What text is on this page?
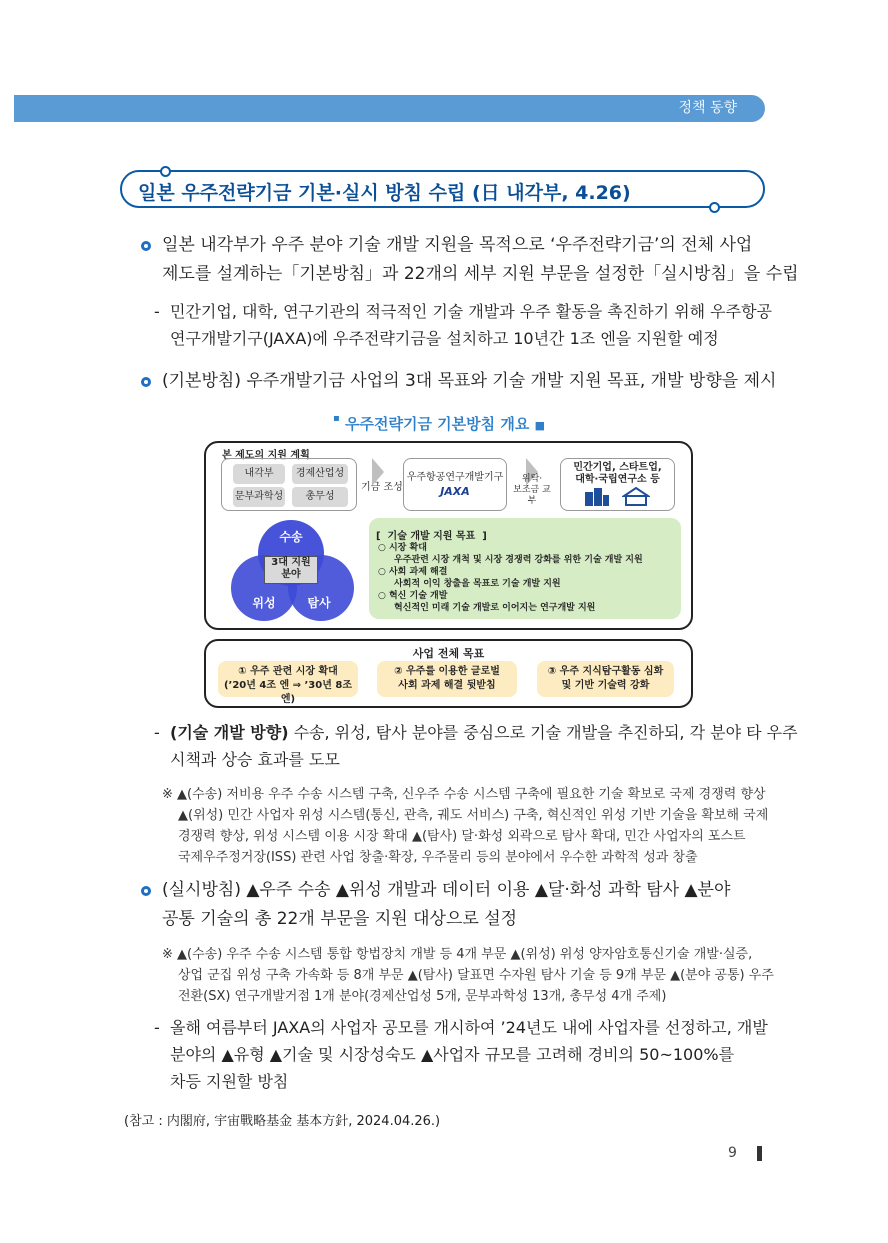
정책 동향
일본 우주전략기금 기본·실시 방침 수립 (日 내각부, 4.26)
일본 내각부가 우주 분야 기술 개발 지원을 목적으로 ‘우주전략기금’의 전체 사업
제도를 설계하는「기본방침」과 22개의 세부 지원 부문을 설정한「실시방침」을 수립
- 민간기업, 대학, 연구기관의 적극적인 기술 개발과 우주 활동을 촉진하기 위해 우주항공
연구개발기구(JAXA)에 우주전략기금을 설치하고 10년간 1조 엔을 지원할 예정
(기본방침) 우주개발기금 사업의 3대 목표와 기술 개발 지원 목표, 개발 방향을 제시
▪ 우주전략기금 기본방침 개요 ■
본 제도의 지원 계획
내각부	경제산업성
문부과학성	총무성
기금 조성
우주항공연구개발기구
JAXA
위탁·
보조금 교부
민간기업, 스타트업,
대학·국립연구소 등
수송
위성	탐사
3대 지원
분야
[  기술 개발 지원 목표  ]
○ 시장 확대
우주관련 시장 개척 및 시장 경쟁력 강화를 위한 기술 개발 지원
○ 사회 과제 해결
사회적 이익 창출을 목표로 기술 개발 지원
○ 혁신 기술 개발
혁신적인 미래 기술 개발로 이어지는 연구개발 지원
사업 전체 목표
① 우주 관련 시장 확대
(’20년 4조 엔 ⇒ ’30년 8조 엔)
② 우주를 이용한 글로벌
사회 과제 해결 뒷받침
③ 우주 지식탐구활동 심화
및 기반 기술력 강화
- (기술 개발 방향) 수송, 위성, 탐사 분야를 중심으로 기술 개발을 추진하되, 각 분야 타 우주
시책과 상승 효과를 도모
※ ▲(수송) 저비용 우주 수송 시스템 구축, 신우주 수송 시스템 구축에 필요한 기술 확보로 국제 경쟁력 향상
▲(위성) 민간 사업자 위성 시스템(통신, 관측, 궤도 서비스) 구축, 혁신적인 위성 기반 기술을 확보해 국제
경쟁력 향상, 위성 시스템 이용 시장 확대 ▲(탐사) 달·화성 외곽으로 탐사 확대, 민간 사업자의 포스트
국제우주정거장(ISS) 관련 사업 창출·확장, 우주물리 등의 분야에서 우수한 과학적 성과 창출
(실시방침) ▲우주 수송 ▲위성 개발과 데이터 이용 ▲달·화성 과학 탐사 ▲분야
공통 기술의 총 22개 부문을 지원 대상으로 설정
※ ▲(수송) 우주 수송 시스템 통합 항법장치 개발 등 4개 부문 ▲(위성) 위성 양자암호통신기술 개발·실증,
상업 군집 위성 구축 가속화 등 8개 부문 ▲(탐사) 달표면 수자원 탐사 기술 등 9개 부문 ▲(분야 공통) 우주
전환(SX) 연구개발거점 1개 분야(경제산업성 5개, 문부과학성 13개, 총무성 4개 주제)
- 올해 여름부터 JAXA의 사업자 공모를 개시하여 ’24년도 내에 사업자를 선정하고, 개발
분야의 ▲유형 ▲기술 및 시장성숙도 ▲사업자 규모를 고려해 경비의 50~100%를
차등 지원할 방침
(참고 : 内閣府, 宇宙戰略基金 基本方針, 2024.04.26.)
9
